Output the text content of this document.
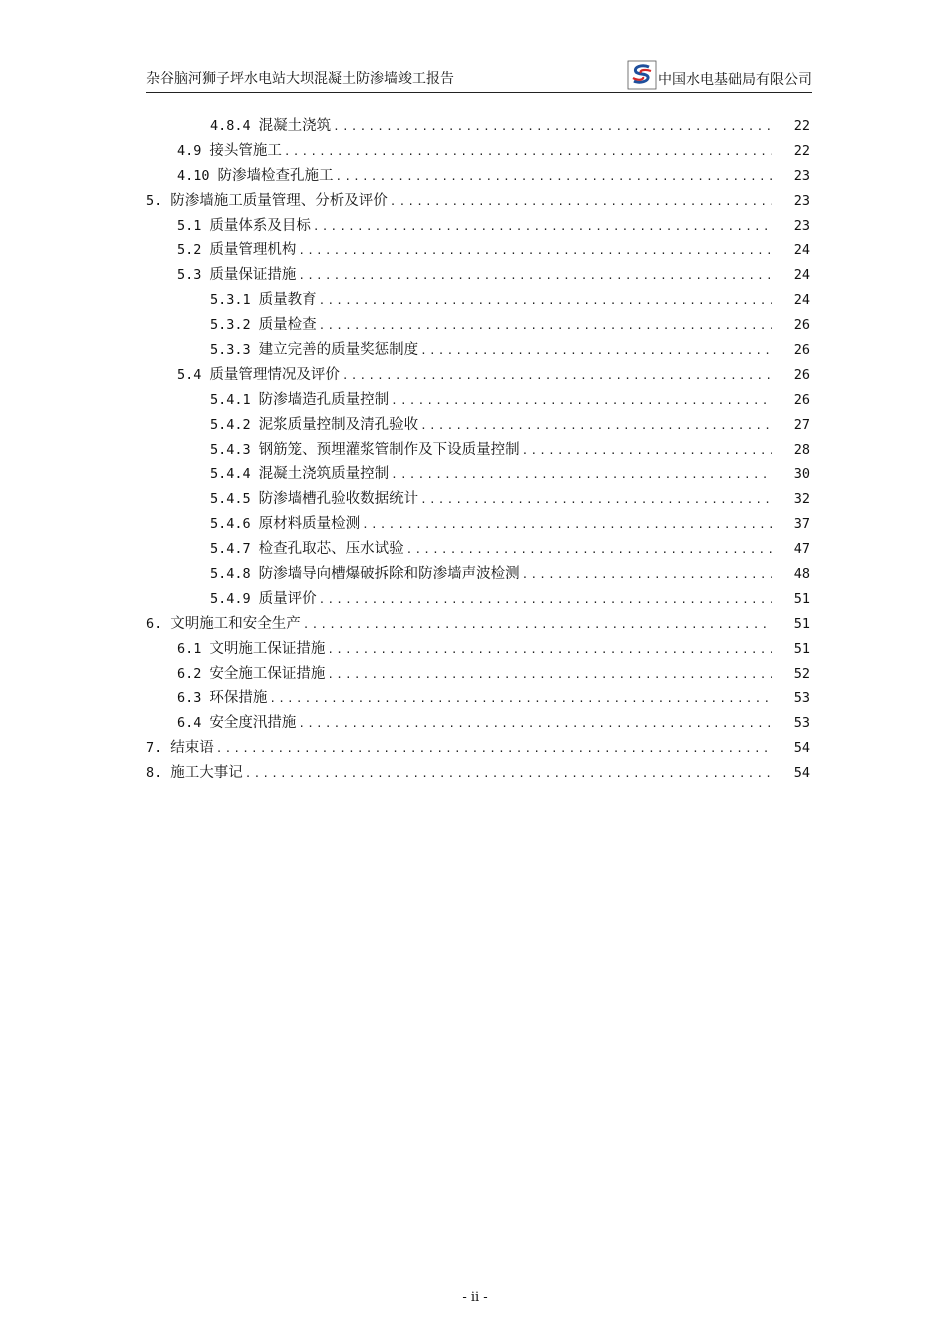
杂谷脑河狮子坪水电站大坝混凝土防渗墙竣工报告	中国水电基础局有限公司
4.8.4 混凝土浇筑 .....	22
4.9 接头管施工 .....	22
4.10 防渗墙检查孔施工 .....	23
5. 防渗墙施工质量管理、分析及评价 .....	23
5.1 质量体系及目标 .....	23
5.2 质量管理机构 .....	24
5.3 质量保证措施 .....	24
5.3.1 质量教育 .....	24
5.3.2 质量检查 .....	26
5.3.3 建立完善的质量奖惩制度 .....	26
5.4 质量管理情况及评价 .....	26
5.4.1 防渗墙造孔质量控制 .....	26
5.4.2 泥浆质量控制及清孔验收 .....	27
5.4.3 钢筋笼、预埋灌浆管制作及下设质量控制 .....	28
5.4.4 混凝土浇筑质量控制 .....	30
5.4.5 防渗墙槽孔验收数据统计 .....	32
5.4.6 原材料质量检测 .....	37
5.4.7 检查孔取芯、压水试验 .....	47
5.4.8 防渗墙导向槽爆破拆除和防渗墙声波检测 .....	48
5.4.9 质量评价 .....	51
6. 文明施工和安全生产 .....	51
6.1 文明施工保证措施 .....	51
6.2 安全施工保证措施 .....	52
6.3 环保措施 .....	53
6.4 安全度汛措施 .....	53
7. 结束语 .....	54
8. 施工大事记 .....	54
- ii -
